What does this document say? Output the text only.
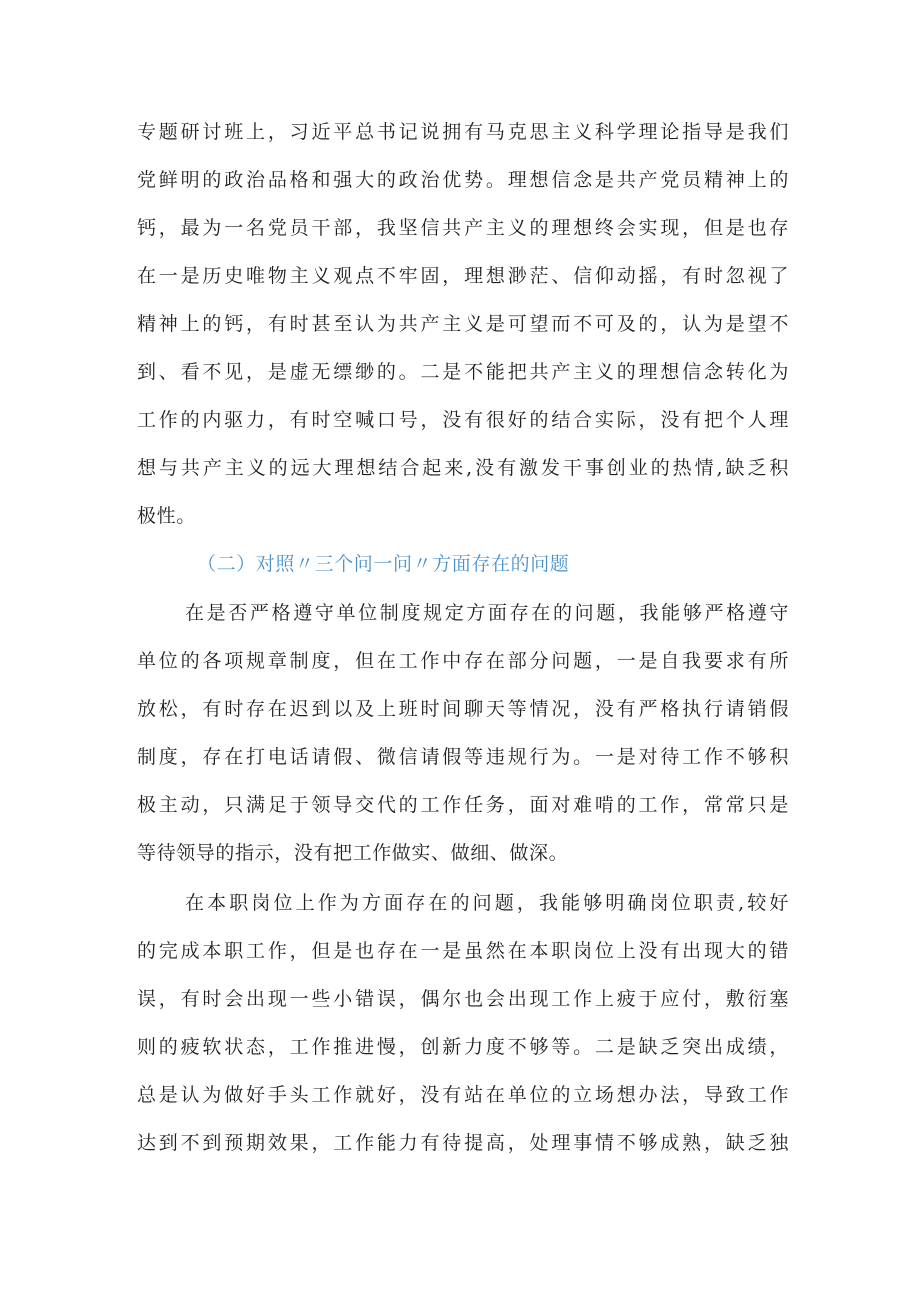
专题研讨班上，习近平总书记说拥有马克思主义科学理论指导是我们
党鲜明的政治品格和强大的政治优势。理想信念是共产党员精神上的
钙，最为一名党员干部，我坚信共产主义的理想终会实现，但是也存
在一是历史唯物主义观点不牢固，理想渺茫、信仰动摇，有时忽视了
精神上的钙，有时甚至认为共产主义是可望而不可及的，认为是望不
到、看不见，是虚无缥缈的。二是不能把共产主义的理想信念转化为
工作的内驱力，有时空喊口号，没有很好的结合实际，没有把个人理
想与共产主义的远大理想结合起来,没有激发干事创业的热情,缺乏积
极性。
（二）对照〃三个问一问〃方面存在的问题
在是否严格遵守单位制度规定方面存在的问题，我能够严格遵守
单位的各项规章制度，但在工作中存在部分问题，一是自我要求有所
放松，有时存在迟到以及上班时间聊天等情况，没有严格执行请销假
制度，存在打电话请假、微信请假等违规行为。一是对待工作不够积
极主动，只满足于领导交代的工作任务，面对难啃的工作，常常只是
等待领导的指示，没有把工作做实、做细、做深。
在本职岗位上作为方面存在的问题，我能够明确岗位职责,较好
的完成本职工作，但是也存在一是虽然在本职岗位上没有出现大的错
误，有时会出现一些小错误，偶尔也会出现工作上疲于应付，敷衍塞
则的疲软状态，工作推进慢，创新力度不够等。二是缺乏突出成绩，
总是认为做好手头工作就好，没有站在单位的立场想办法，导致工作
达到不到预期效果，工作能力有待提高，处理事情不够成熟，缺乏独
